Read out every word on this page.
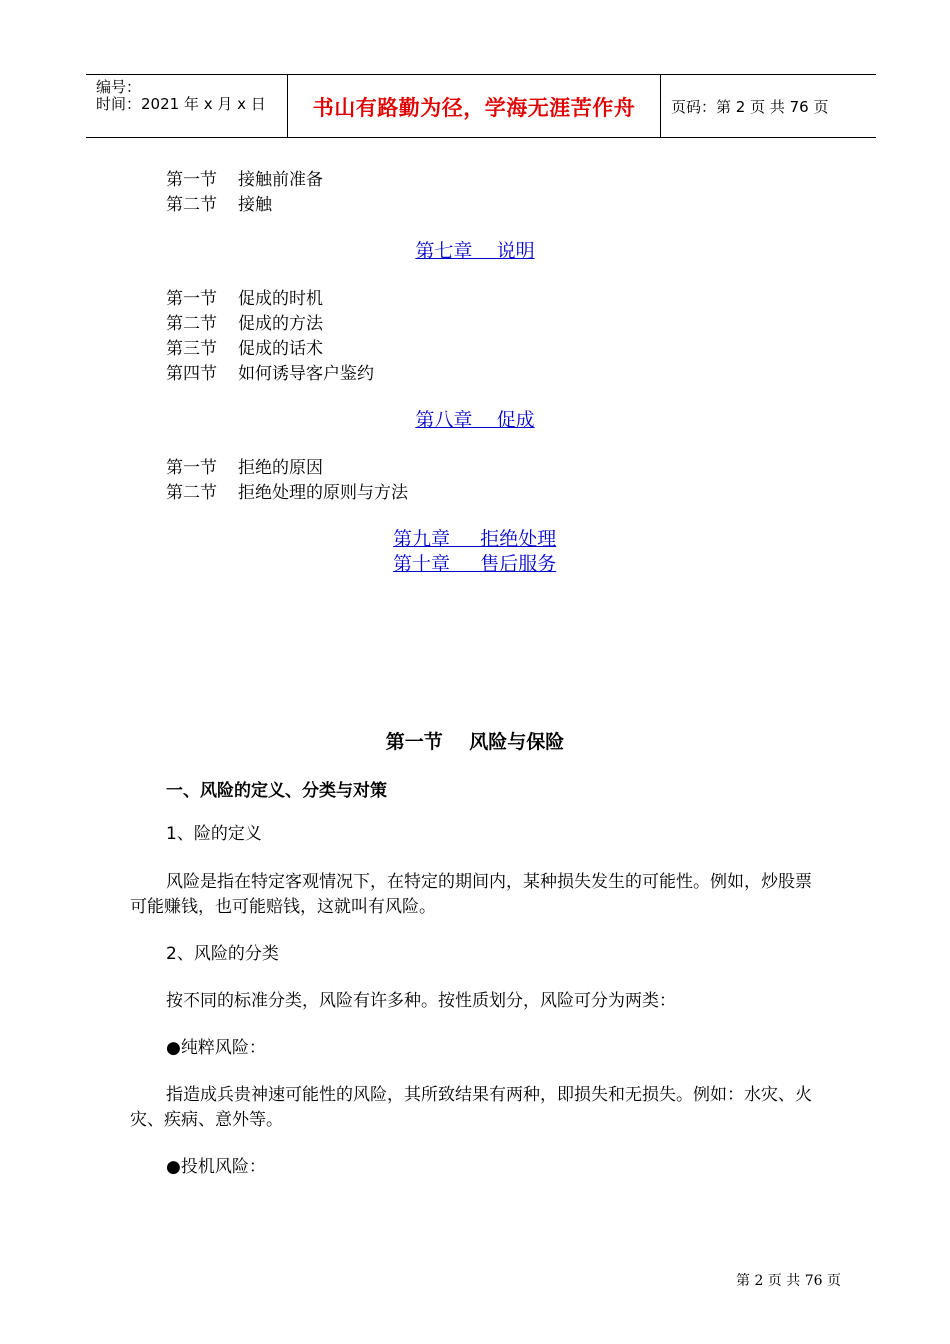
编号：
时间：2021 年 x 月 x 日	书山有路勤为径，学海无涯苦作舟	页码：第 2 页 共 76 页
第一节 接触前准备
第二节 接触
第七章    说明
第一节 促成的时机
第二节 促成的方法
第三节 促成的话术
第四节 如何诱导客户鉴约
第八章    促成
第一节 拒绝的原因
第二节 拒绝处理的原则与方法
第九章     拒绝处理
第十章     售后服务
第一节    风险与保险
一、风险的定义、分类与对策
1、险的定义
风险是指在特定客观情况下，在特定的期间内，某种损失发生的可能性。例如，炒股票
可能赚钱，也可能赔钱，这就叫有风险。
2、风险的分类
按不同的标准分类，风险有许多种。按性质划分，风险可分为两类：
●纯粹风险：
指造成兵贵神速可能性的风险，其所致结果有两种，即损失和无损失。例如：水灾、火
灾、疾病、意外等。
●投机风险：
第 2 页 共 76 页
